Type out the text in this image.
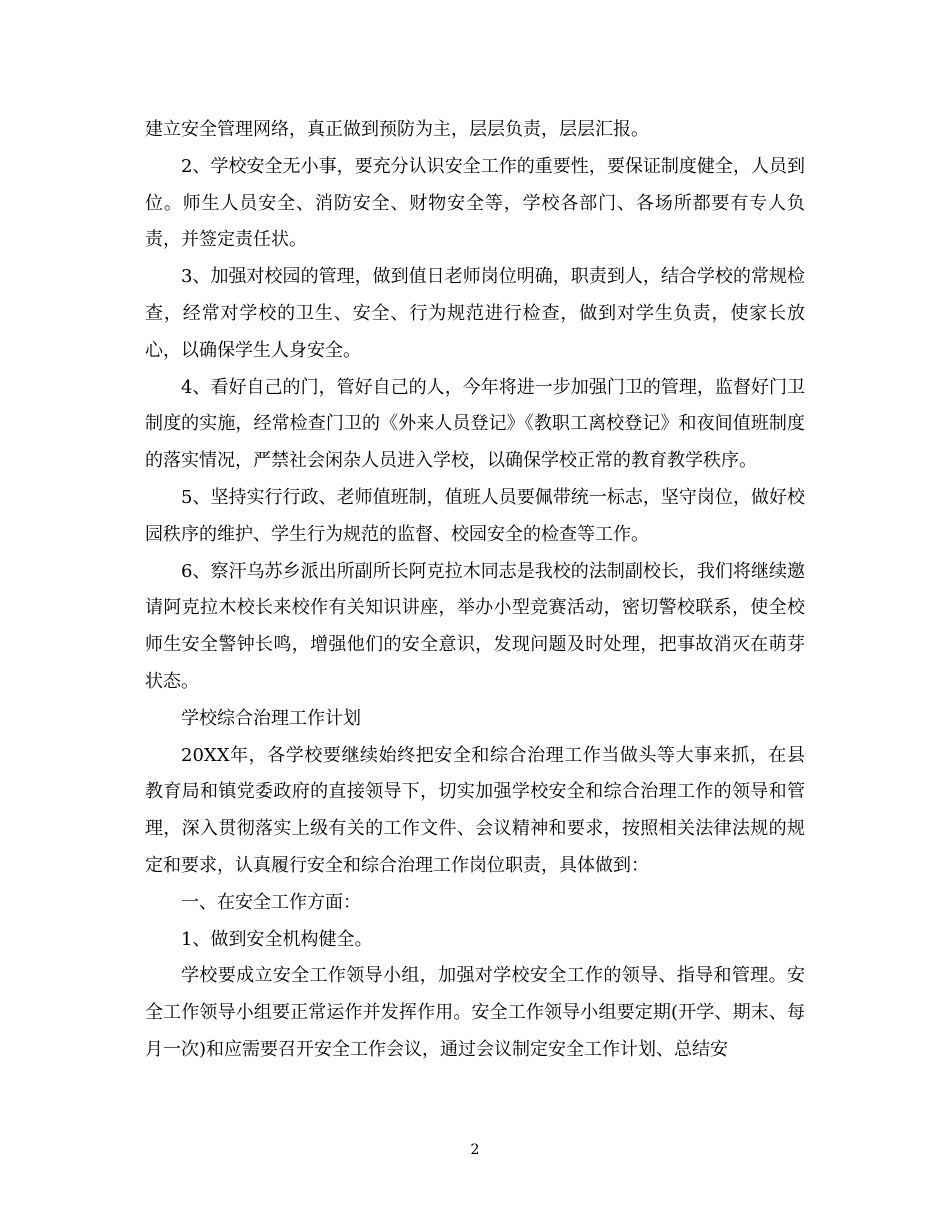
建立安全管理网络，真正做到预防为主，层层负责，层层汇报。

2、学校安全无小事，要充分认识安全工作的重要性，要保证制度健全，人员到位。师生人员安全、消防安全、财物安全等，学校各部门、各场所都要有专人负责，并签定责任状。

3、加强对校园的管理，做到值日老师岗位明确，职责到人，结合学校的常规检查，经常对学校的卫生、安全、行为规范进行检查，做到对学生负责，使家长放心，以确保学生人身安全。

4、看好自己的门，管好自己的人，今年将进一步加强门卫的管理，监督好门卫制度的实施，经常检查门卫的《外来人员登记》《教职工离校登记》和夜间值班制度的落实情况，严禁社会闲杂人员进入学校，以确保学校正常的教育教学秩序。

5、坚持实行行政、老师值班制，值班人员要佩带统一标志，坚守岗位，做好校园秩序的维护、学生行为规范的监督、校园安全的检查等工作。

6、察汗乌苏乡派出所副所长阿克拉木同志是我校的法制副校长，我们将继续邀请阿克拉木校长来校作有关知识讲座，举办小型竞赛活动，密切警校联系，使全校师生安全警钟长鸣，增强他们的安全意识，发现问题及时处理，把事故消灭在萌芽状态。

学校综合治理工作计划

20XX年，各学校要继续始终把安全和综合治理工作当做头等大事来抓，在县教育局和镇党委政府的直接领导下，切实加强学校安全和综合治理工作的领导和管理，深入贯彻落实上级有关的工作文件、会议精神和要求，按照相关法律法规的规定和要求，认真履行安全和综合治理工作岗位职责，具体做到：

一、在安全工作方面：

1、做到安全机构健全。

学校要成立安全工作领导小组，加强对学校安全工作的领导、指导和管理。安全工作领导小组要正常运作并发挥作用。安全工作领导小组要定期(开学、期末、每月一次)和应需要召开安全工作会议，通过会议制定安全工作计划、总结安

2
